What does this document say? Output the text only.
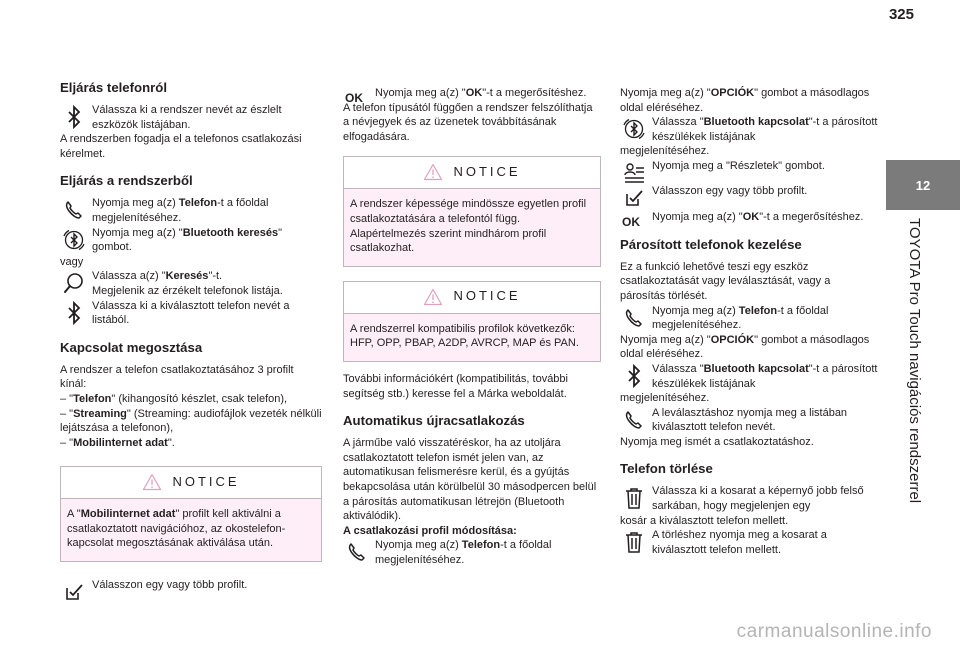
325
Eljárás telefonról

Válassza ki a rendszer nevét az észlelt eszközök listájában.

A rendszerben fogadja el a telefonos csatlakozási kérelmet.

Eljárás a rendszerből

Nyomja meg a(z) Telefon-t a főoldal megjelenítéséhez.

Nyomja meg a(z) "Bluetooth keresés" gombot.

vagy

Válassza a(z) "Keresés"-t.

Megjelenik az érzékelt telefonok listája.

Válassza ki a kiválasztott telefon nevét a listából.

Kapcsolat megosztása

A rendszer a telefon csatlakoztatásához 3 profilt kínál:

– "Telefon" (kihangosító készlet, csak telefon),

– "Streaming" (Streaming: audiofájlok vezeték nélküli lejátszása a telefonon),

– "Mobilinternet adat".

NOTICE

A "Mobilinternet adat" profilt kell aktiválni a csatlakoztatott navigációhoz, az okostelefon-kapcsolat megosztásának aktiválása után.

Válasszon egy vagy több profilt.

OK	Nyomja meg a(z) "OK"-t a megerősítéshez.

A telefon típusától függően a rendszer felszólíthatja a névjegyek és az üzenetek továbbításának elfogadására.

NOTICE

A rendszer képessége mindössze egyetlen profil csatlakoztatására a telefontól függ. Alapértelmezés szerint mindhárom profil csatlakozhat.

NOTICE

A rendszerrel kompatibilis profilok következők: HFP, OPP, PBAP, A2DP, AVRCP, MAP és PAN.

További információkért (kompatibilitás, további segítség stb.) keresse fel a Márka weboldalát.

Automatikus újracsatlakozás

A járműbe való visszatéréskor, ha az utoljára csatlakoztatott telefon ismét jelen van, az automatikusan felismerésre kerül, és a gyújtás bekapcsolása után körülbelül 30 másodpercen belül a párosítás automatikusan létrejön (Bluetooth aktiválódik).

A csatlakozási profil módosítása:

Nyomja meg a(z) Telefon-t a főoldal megjelenítéséhez.

Nyomja meg a(z) "OPCIÓK" gombot a másodlagos oldal eléréséhez.

Válassza "Bluetooth kapcsolat"-t a párosított készülékek listájának

megjelenítéséhez.

Nyomja meg a "Részletek" gombot.

Válasszon egy vagy több profilt.

OK	Nyomja meg a(z) "OK"-t a megerősítéshez.

Párosított telefonok kezelése

Ez a funkció lehetővé teszi egy eszköz csatlakoztatását vagy leválasztását, vagy a párosítás törlését.

Nyomja meg a(z) Telefon-t a főoldal megjelenítéséhez.

Nyomja meg a(z) "OPCIÓK" gombot a másodlagos oldal eléréséhez.

Válassza "Bluetooth kapcsolat"-t a párosított készülékek listájának

megjelenítéséhez.

A leválasztáshoz nyomja meg a listában kiválasztott telefon nevét.

Nyomja meg ismét a csatlakoztatáshoz.

Telefon törlése

Válassza ki a kosarat a képernyő jobb felső sarkában, hogy megjelenjen egy

kosár a kiválasztott telefon mellett.

A törléshez nyomja meg a kosarat a kiválasztott telefon mellett.

12
TOYOTA Pro Touch navigációs rendszerrel
carmanualsonline.info
